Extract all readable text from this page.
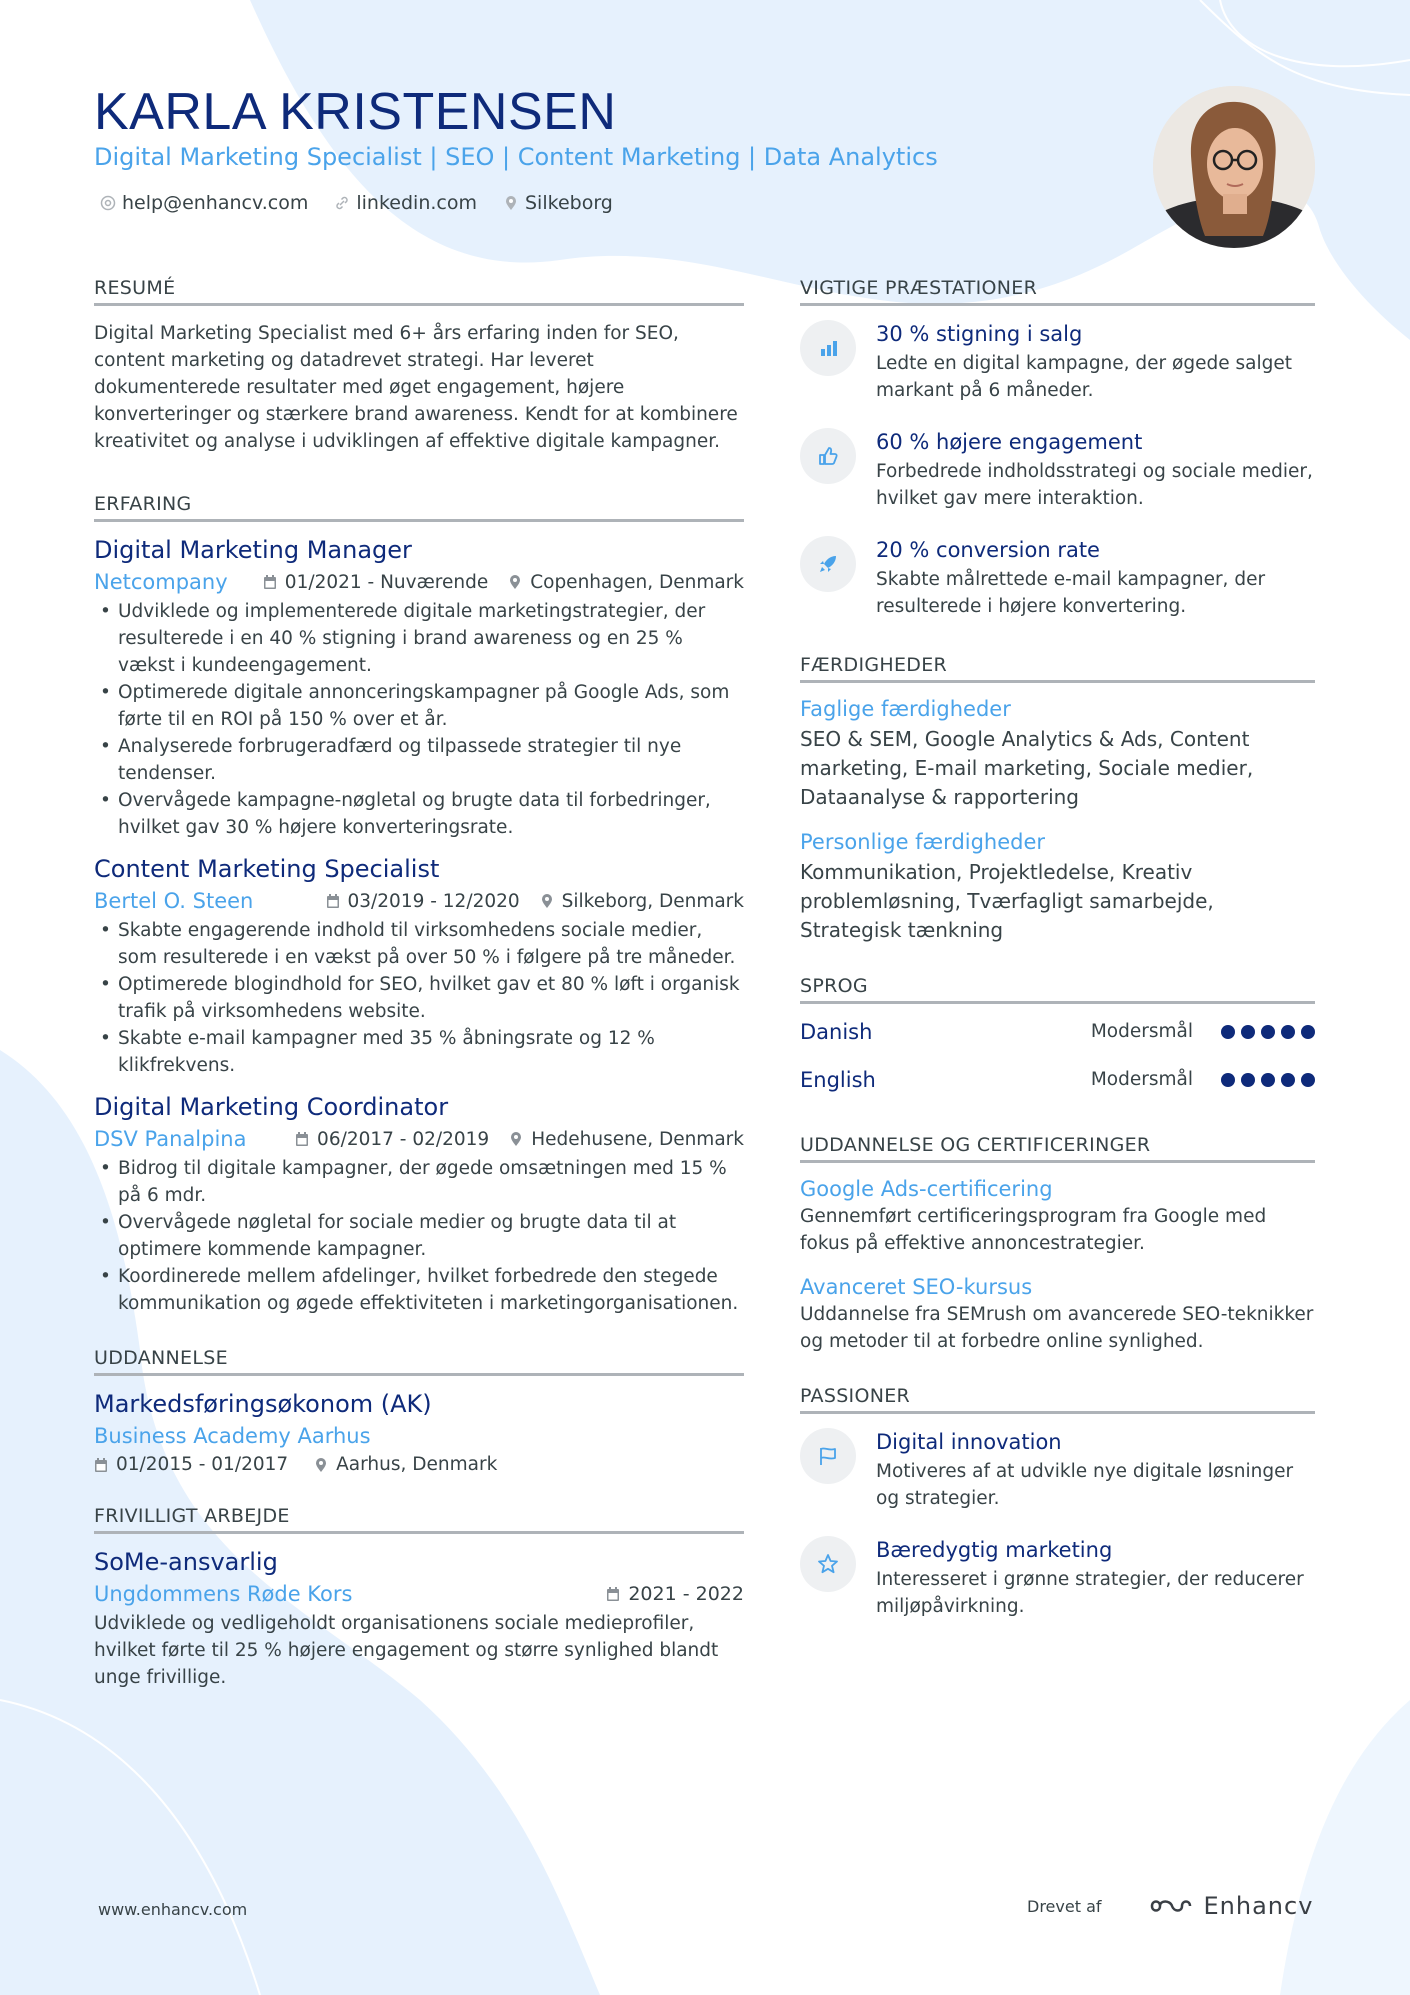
KARLA KRISTENSEN
Digital Marketing Specialist | SEO | Content Marketing | Data Analytics
help@enhancv.com	linkedin.com	Silkeborg
RESUMÉ
Digital Marketing Specialist med 6+ års erfaring inden for SEO, content marketing og datadrevet strategi. Har leveret dokumenterede resultater med øget engagement, højere konverteringer og stærkere brand awareness. Kendt for at kombinere kreativitet og analyse i udviklingen af effektive digitale kampagner.
ERFARING
Digital Marketing Manager
Netcompany	01/2021 - Nuværende Copenhagen, Denmark
• Udviklede og implementerede digitale marketingstrategier, der resulterede i en 40 % stigning i brand awareness og en 25 % vækst i kundeengagement.
• Optimerede digitale annonceringskampagner på Google Ads, som førte til en ROI på 150 % over et år.
• Analyserede forbrugeradfærd og tilpassede strategier til nye tendenser.
• Overvågede kampagne-nøgletal og brugte data til forbedringer, hvilket gav 30 % højere konverteringsrate.
Content Marketing Specialist
Bertel O. Steen	03/2019 - 12/2020 Silkeborg, Denmark
• Skabte engagerende indhold til virksomhedens sociale medier, som resulterede i en vækst på over 50 % i følgere på tre måneder.
• Optimerede blogindhold for SEO, hvilket gav et 80 % løft i organisk trafik på virksomhedens website.
• Skabte e-mail kampagner med 35 % åbningsrate og 12 % klikfrekvens.
Digital Marketing Coordinator
DSV Panalpina	06/2017 - 02/2019 Hedehusene, Denmark
• Bidrog til digitale kampagner, der øgede omsætningen med 15 % på 6 mdr.
• Overvågede nøgletal for sociale medier og brugte data til at optimere kommende kampagner.
• Koordinerede mellem afdelinger, hvilket forbedrede den stegede kommunikation og øgede effektiviteten i marketingorganisationen.
UDDANNELSE
Markedsføringsøkonom (AK)
Business Academy Aarhus
01/2015 - 01/2017	Aarhus, Denmark
FRIVILLIGT ARBEJDE
SoMe-ansvarlig
Ungdommens Røde Kors	2021 - 2022
Udviklede og vedligeholdt organisationens sociale medieprofiler, hvilket førte til 25 % højere engagement og større synlighed blandt unge frivillige.
VIGTIGE PRÆSTATIONER
30 % stigning i salg
Ledte en digital kampagne, der øgede salget markant på 6 måneder.
60 % højere engagement
Forbedrede indholdsstrategi og sociale medier, hvilket gav mere interaktion.
20 % conversion rate
Skabte målrettede e-mail kampagner, der resulterede i højere konvertering.
FÆRDIGHEDER
Faglige færdigheder
SEO & SEM, Google Analytics & Ads, Content marketing, E-mail marketing, Sociale medier, Dataanalyse & rapportering
Personlige færdigheder
Kommunikation, Projektledelse, Kreativ problemløsning, Tværfagligt samarbejde, Strategisk tænkning
SPROG
Danish	Modersmål
English	Modersmål
UDDANNELSE OG CERTIFICERINGER
Google Ads-certificering
Gennemført certificeringsprogram fra Google med fokus på effektive annoncestrategier.
Avanceret SEO-kursus
Uddannelse fra SEMrush om avancerede SEO-teknikker og metoder til at forbedre online synlighed.
PASSIONER
Digital innovation
Motiveres af at udvikle nye digitale løsninger og strategier.
Bæredygtig marketing
Interesseret i grønne strategier, der reducerer miljøpåvirkning.
www.enhancv.com	Drevet af	Enhancv
